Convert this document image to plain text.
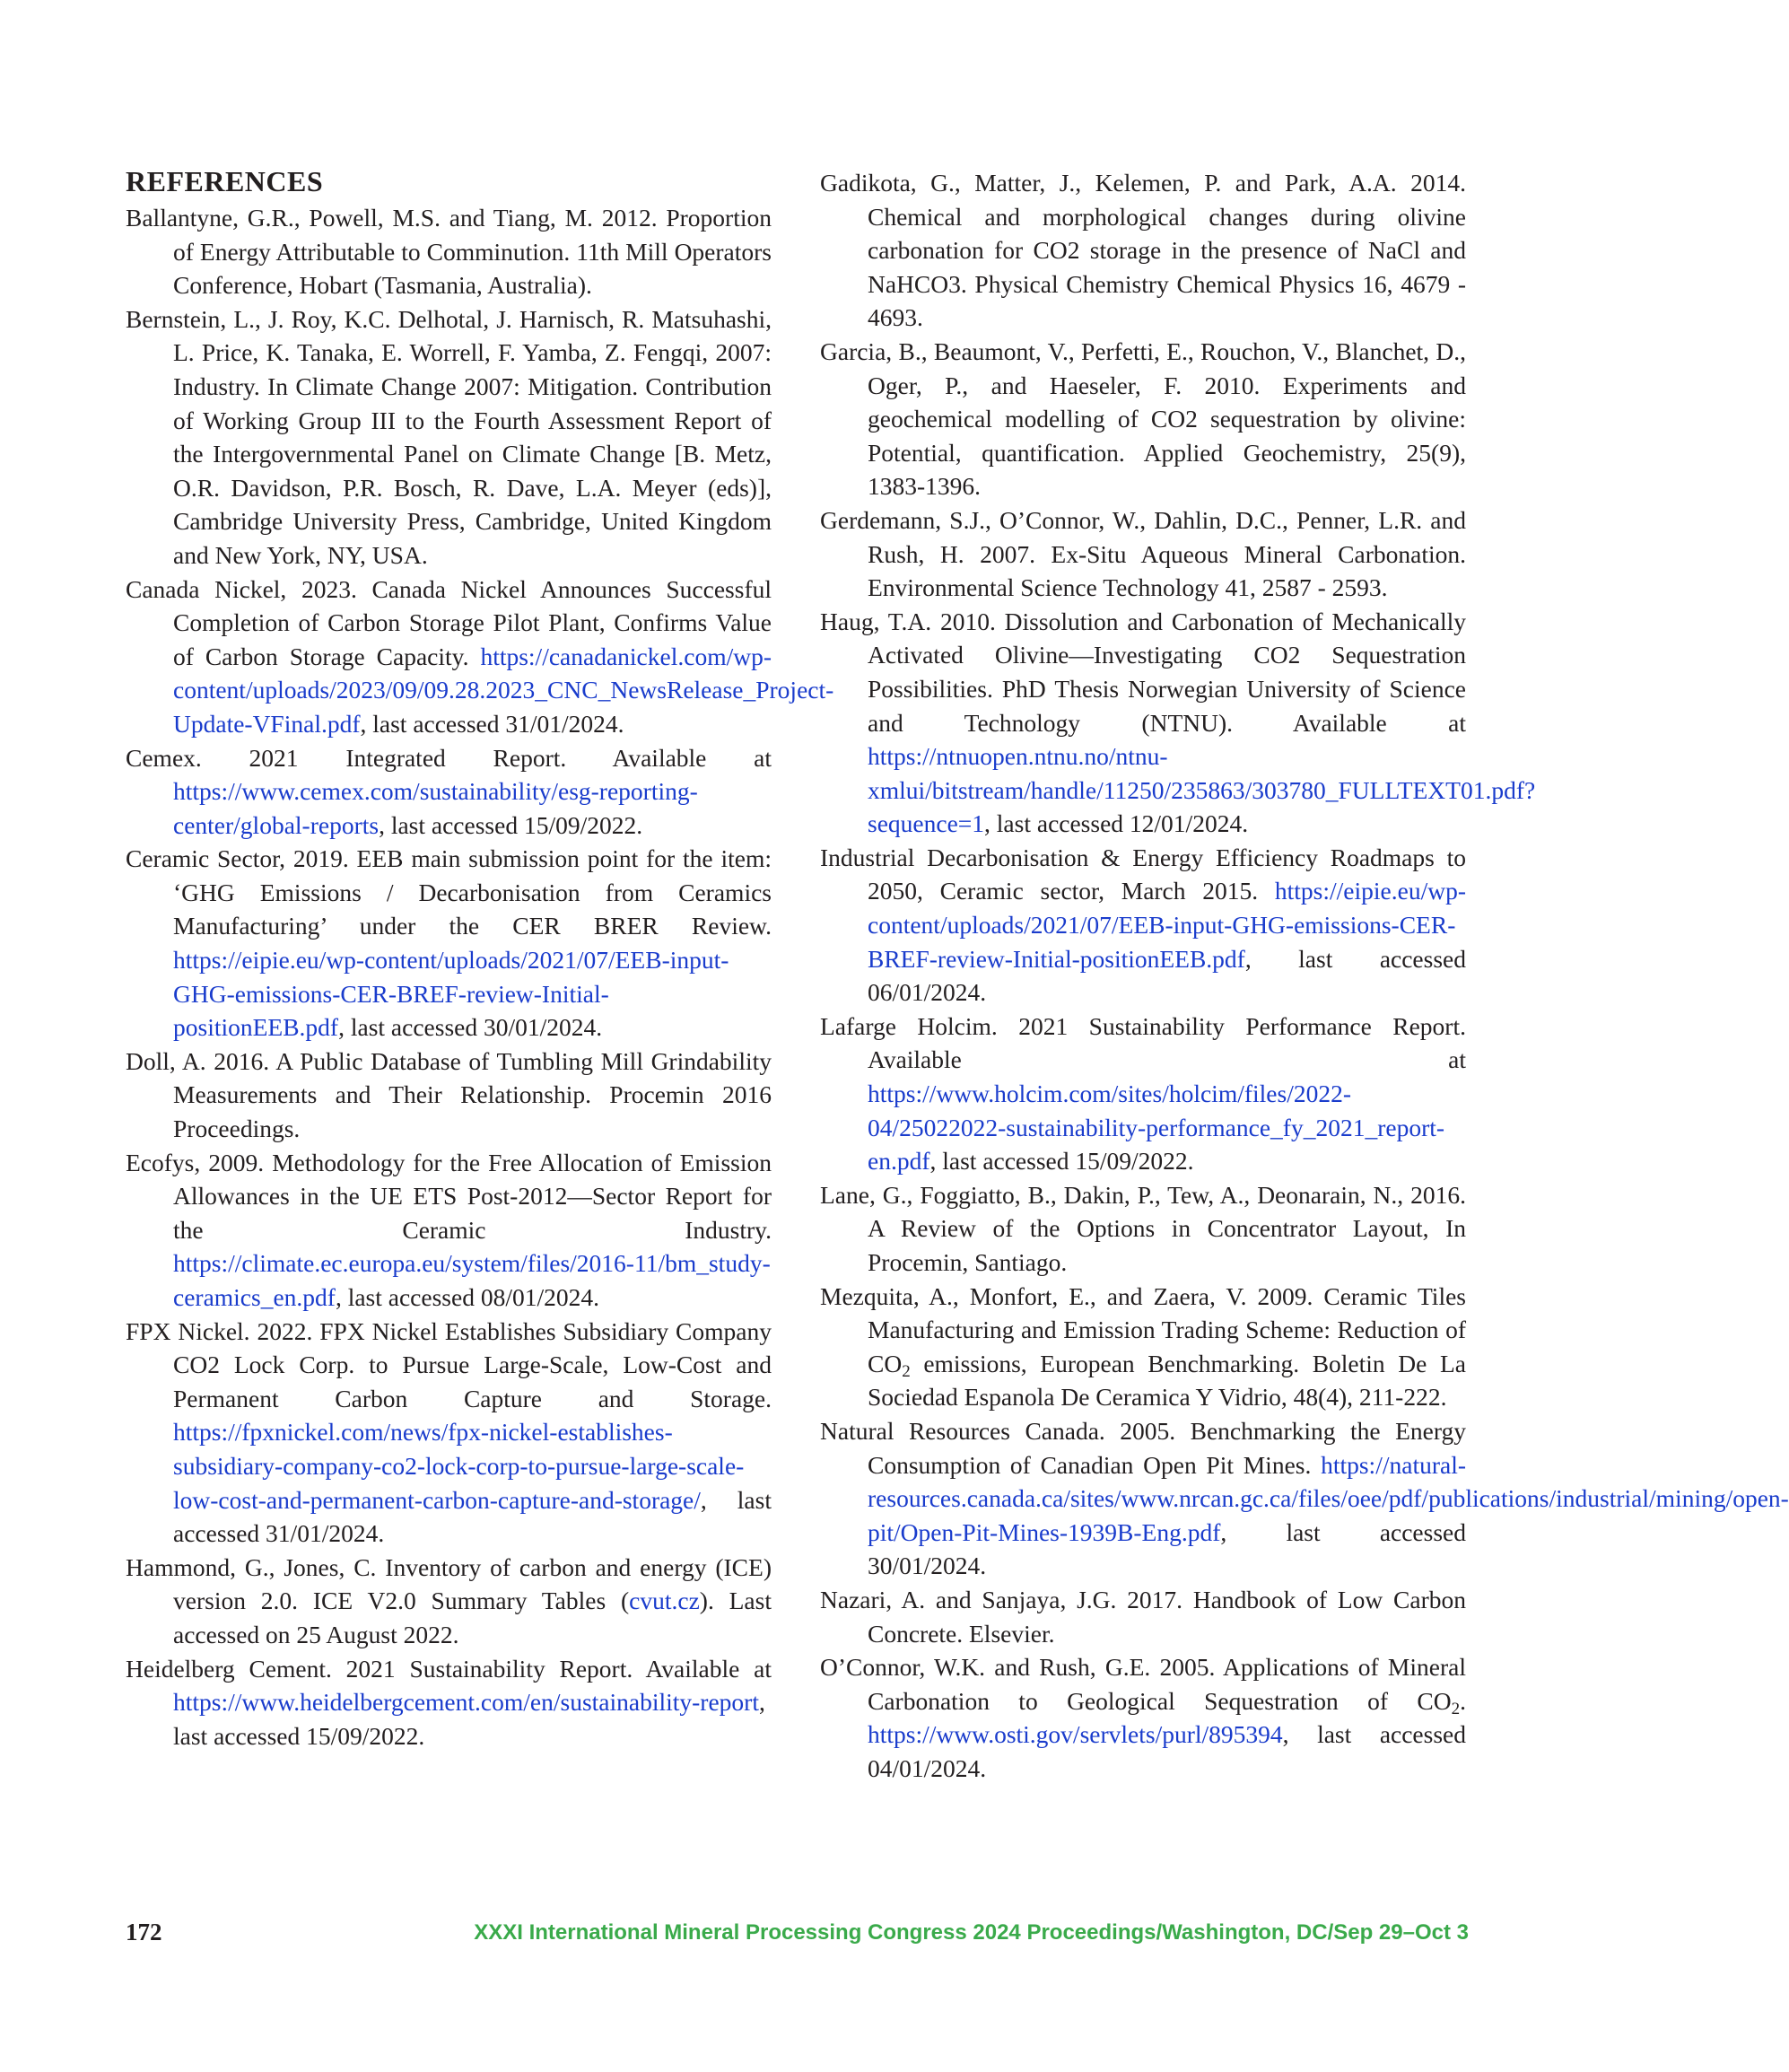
REFERENCES

Ballantyne, G.R., Powell, M.S. and Tiang, M. 2012. Proportion of Energy Attributable to Comminution. 11th Mill Operators Conference, Hobart (Tasmania, Australia).

Bernstein, L., J. Roy, K.C. Delhotal, J. Harnisch, R. Matsuhashi, L. Price, K. Tanaka, E. Worrell, F. Yamba, Z. Fengqi, 2007: Industry. In Climate Change 2007: Mitigation. Contribution of Working Group III to the Fourth Assessment Report of the Intergovernmental Panel on Climate Change [B. Metz, O.R. Davidson, P.R. Bosch, R. Dave, L.A. Meyer (eds)], Cambridge University Press, Cambridge, United Kingdom and New York, NY, USA.

Canada Nickel, 2023. Canada Nickel Announces Successful Completion of Carbon Storage Pilot Plant, Confirms Value of Carbon Storage Capacity. https://canadanickel.com/wp-content/uploads/2023/09/09.28.2023_CNC_NewsRelease_Project-Update-VFinal.pdf, last accessed 31/01/2024.

Cemex. 2021 Integrated Report. Available at https://www.cemex.com/sustainability/esg-reporting-center/global-reports, last accessed 15/09/2022.

Ceramic Sector, 2019. EEB main submission point for the item: ‘GHG Emissions / Decarbonisation from Ceramics Manufacturing’ under the CER BRER Review. https://eipie.eu/wp-content/uploads/2021/07/EEB-input-GHG-emissions-CER-BREF-review-Initial-positionEEB.pdf, last accessed 30/01/2024.

Doll, A. 2016. A Public Database of Tumbling Mill Grindability Measurements and Their Relationship. Procemin 2016 Proceedings.

Ecofys, 2009. Methodology for the Free Allocation of Emission Allowances in the UE ETS Post-2012—Sector Report for the Ceramic Industry. https://climate.ec.europa.eu/system/files/2016-11/bm_study-ceramics_en.pdf, last accessed 08/01/2024.

FPX Nickel. 2022. FPX Nickel Establishes Subsidiary Company CO2 Lock Corp. to Pursue Large-Scale, Low-Cost and Permanent Carbon Capture and Storage. https://fpxnickel.com/news/fpx-nickel-establishes-subsidiary-company-co2-lock-corp-to-pursue-large-scale-low-cost-and-permanent-carbon-capture-and-storage/, last accessed 31/01/2024.

Hammond, G., Jones, C. Inventory of carbon and energy (ICE) version 2.0. ICE V2.0 Summary Tables (cvut.cz). Last accessed on 25 August 2022.

Heidelberg Cement. 2021 Sustainability Report. Available at https://www.heidelbergcement.com/en/sustainability-report, last accessed 15/09/2022.

Gadikota, G., Matter, J., Kelemen, P. and Park, A.A. 2014. Chemical and morphological changes during olivine carbonation for CO2 storage in the presence of NaCl and NaHCO3. Physical Chemistry Chemical Physics 16, 4679 - 4693.

Garcia, B., Beaumont, V., Perfetti, E., Rouchon, V., Blanchet, D., Oger, P., and Haeseler, F. 2010. Experiments and geochemical modelling of CO2 sequestration by olivine: Potential, quantification. Applied Geochemistry, 25(9), 1383-1396.

Gerdemann, S.J., O’Connor, W., Dahlin, D.C., Penner, L.R. and Rush, H. 2007. Ex-Situ Aqueous Mineral Carbonation. Environmental Science Technology 41, 2587 - 2593.

Haug, T.A. 2010. Dissolution and Carbonation of Mechanically Activated Olivine—Investigating CO2 Sequestration Possibilities. PhD Thesis Norwegian University of Science and Technology (NTNU). Available at https://ntnuopen.ntnu.no/ntnu-xmlui/bitstream/handle/11250/235863/303780_FULLTEXT01.pdf?sequence=1, last accessed 12/01/2024.

Industrial Decarbonisation & Energy Efficiency Roadmaps to 2050, Ceramic sector, March 2015. https://eipie.eu/wp-content/uploads/2021/07/EEB-input-GHG-emissions-CER-BREF-review-Initial-positionEEB.pdf, last accessed 06/01/2024.

Lafarge Holcim. 2021 Sustainability Performance Report. Available at https://www.holcim.com/sites/holcim/files/2022-04/25022022-sustainability-performance_fy_2021_report-en.pdf, last accessed 15/09/2022.

Lane, G., Foggiatto, B., Dakin, P., Tew, A., Deonarain, N., 2016. A Review of the Options in Concentrator Layout, In Procemin, Santiago.

Mezquita, A., Monfort, E., and Zaera, V. 2009. Ceramic Tiles Manufacturing and Emission Trading Scheme: Reduction of $CO_2$ emissions, European Benchmarking. Boletin De La Sociedad Espanola De Ceramica Y Vidrio, 48(4), 211-222.

Natural Resources Canada. 2005. Benchmarking the Energy Consumption of Canadian Open Pit Mines. https://natural-resources.canada.ca/sites/www.nrcan.gc.ca/files/oee/pdf/publications/industrial/mining/open-pit/Open-Pit-Mines-1939B-Eng.pdf, last accessed 30/01/2024.

Nazari, A. and Sanjaya, J.G. 2017. Handbook of Low Carbon Concrete. Elsevier.

O’Connor, W.K. and Rush, G.E. 2005. Applications of Mineral Carbonation to Geological Sequestration of $CO_2$. https://www.osti.gov/servlets/purl/895394, last accessed 04/01/2024.

172	XXXI International Mineral Processing Congress 2024 Proceedings/Washington, DC/Sep 29–Oct 3
